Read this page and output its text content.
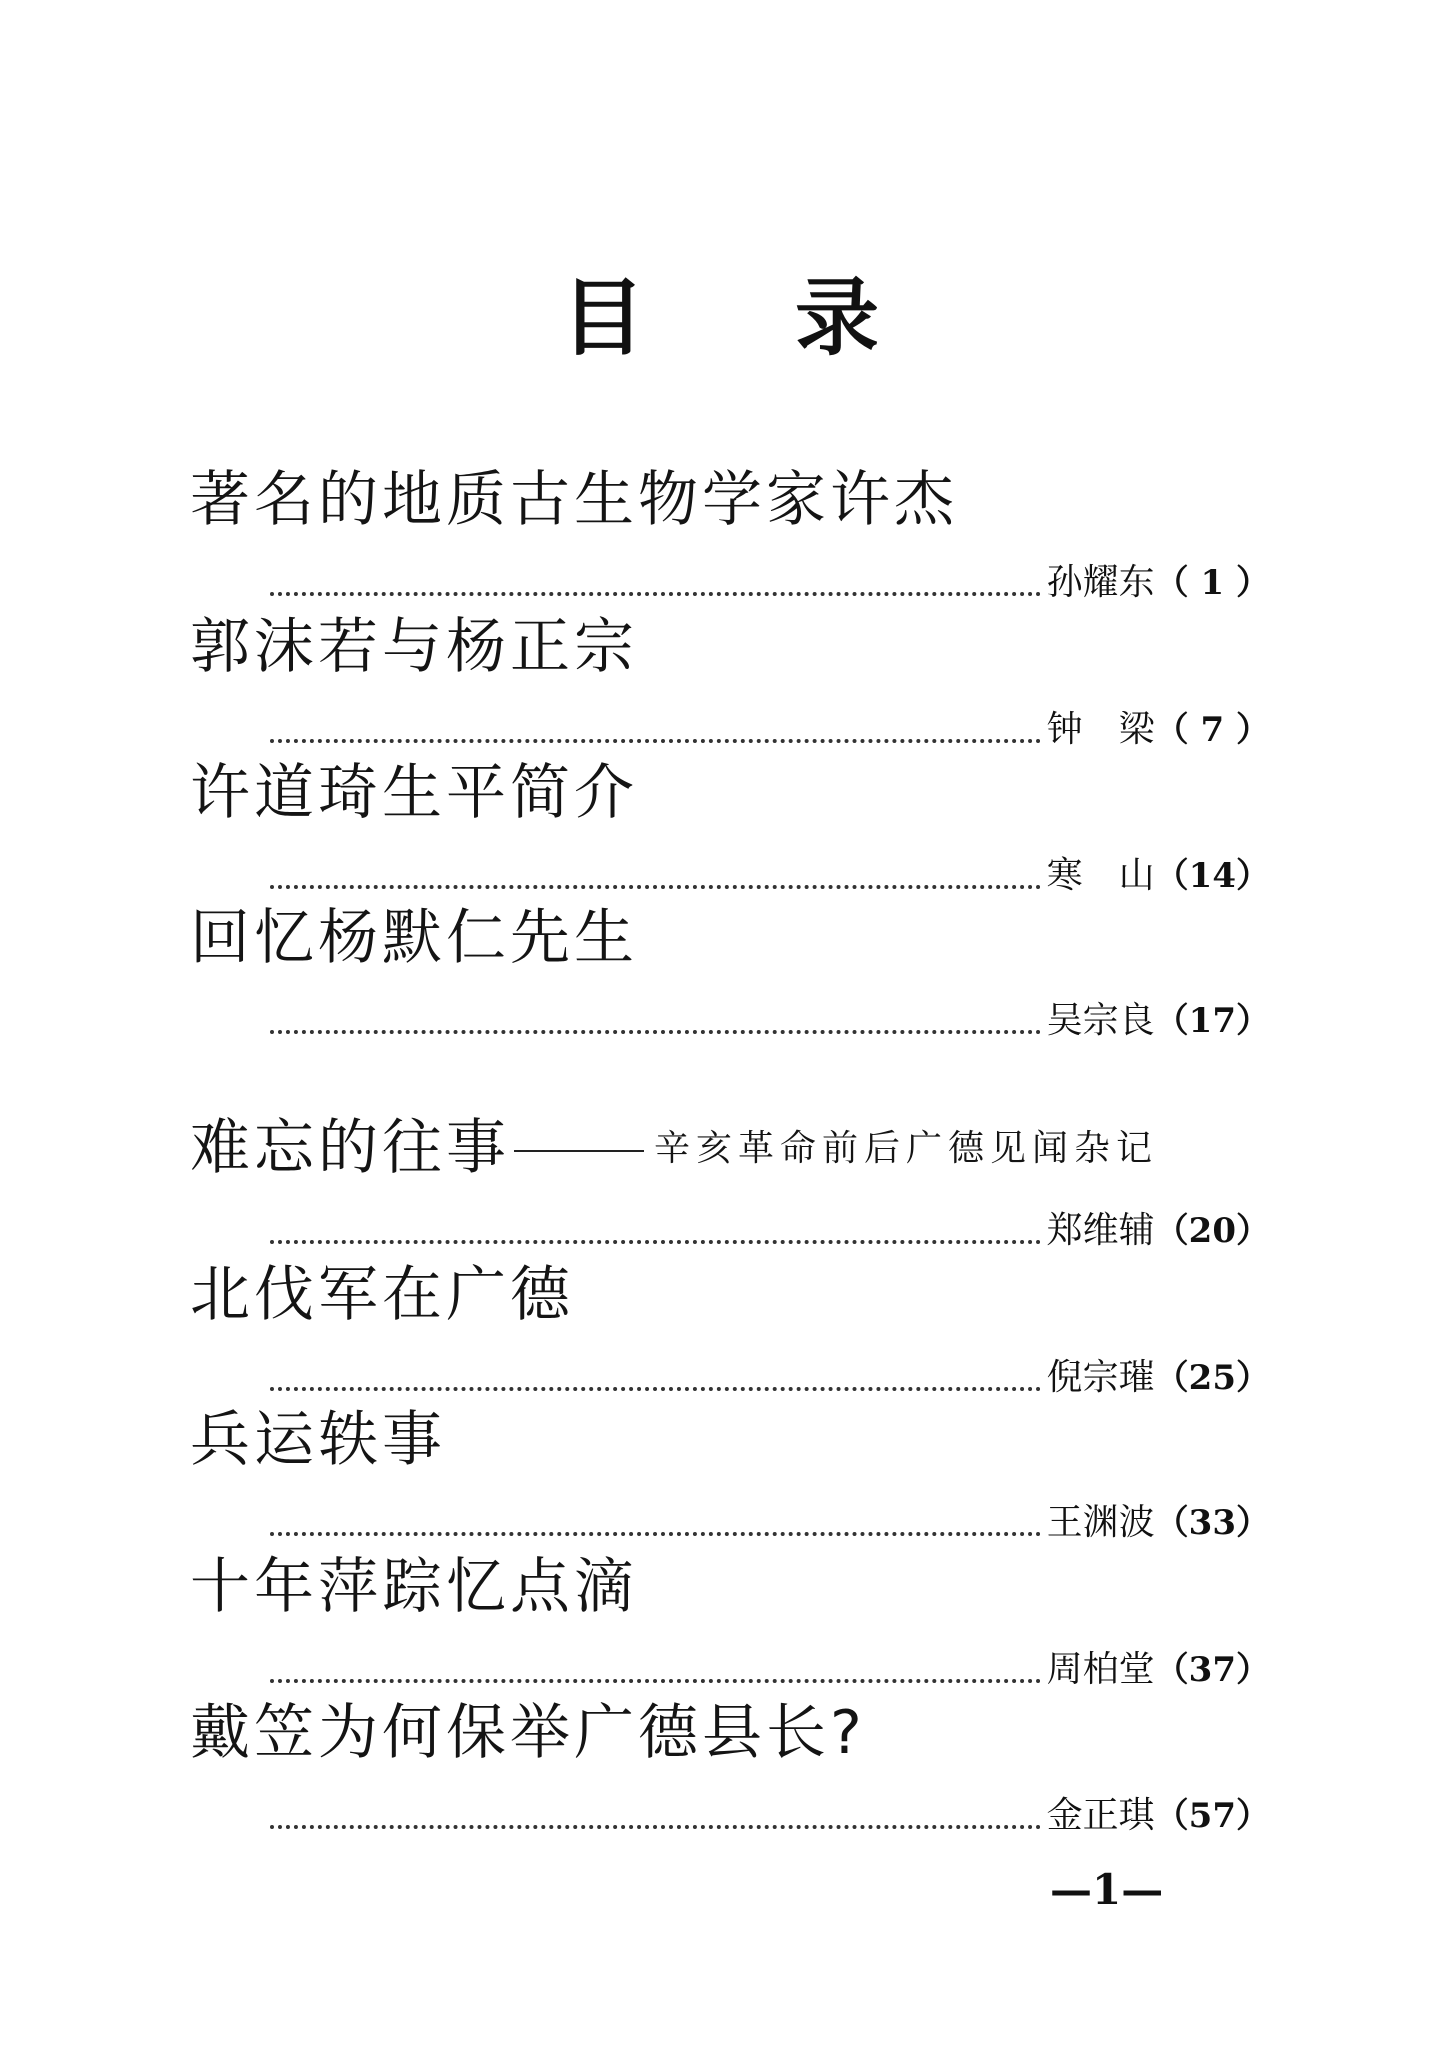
目录
著名的地质古生物学家许杰
孙耀东 （ 1 ）
郭沫若与杨正宗
钟　梁 （ 7 ）
许道琦生平简介
寒　山 （14）
回忆杨默仁先生
吴宗良 （17）
难忘的往事	辛亥革命前后广德见闻杂记
郑维辅 （20）
北伐军在广德
倪宗璀 （25）
兵运轶事
王渊波 （33）
十年萍踪忆点滴
周柏堂 （37）
戴笠为何保举广德县长?
金正琪 （57）
—1—
